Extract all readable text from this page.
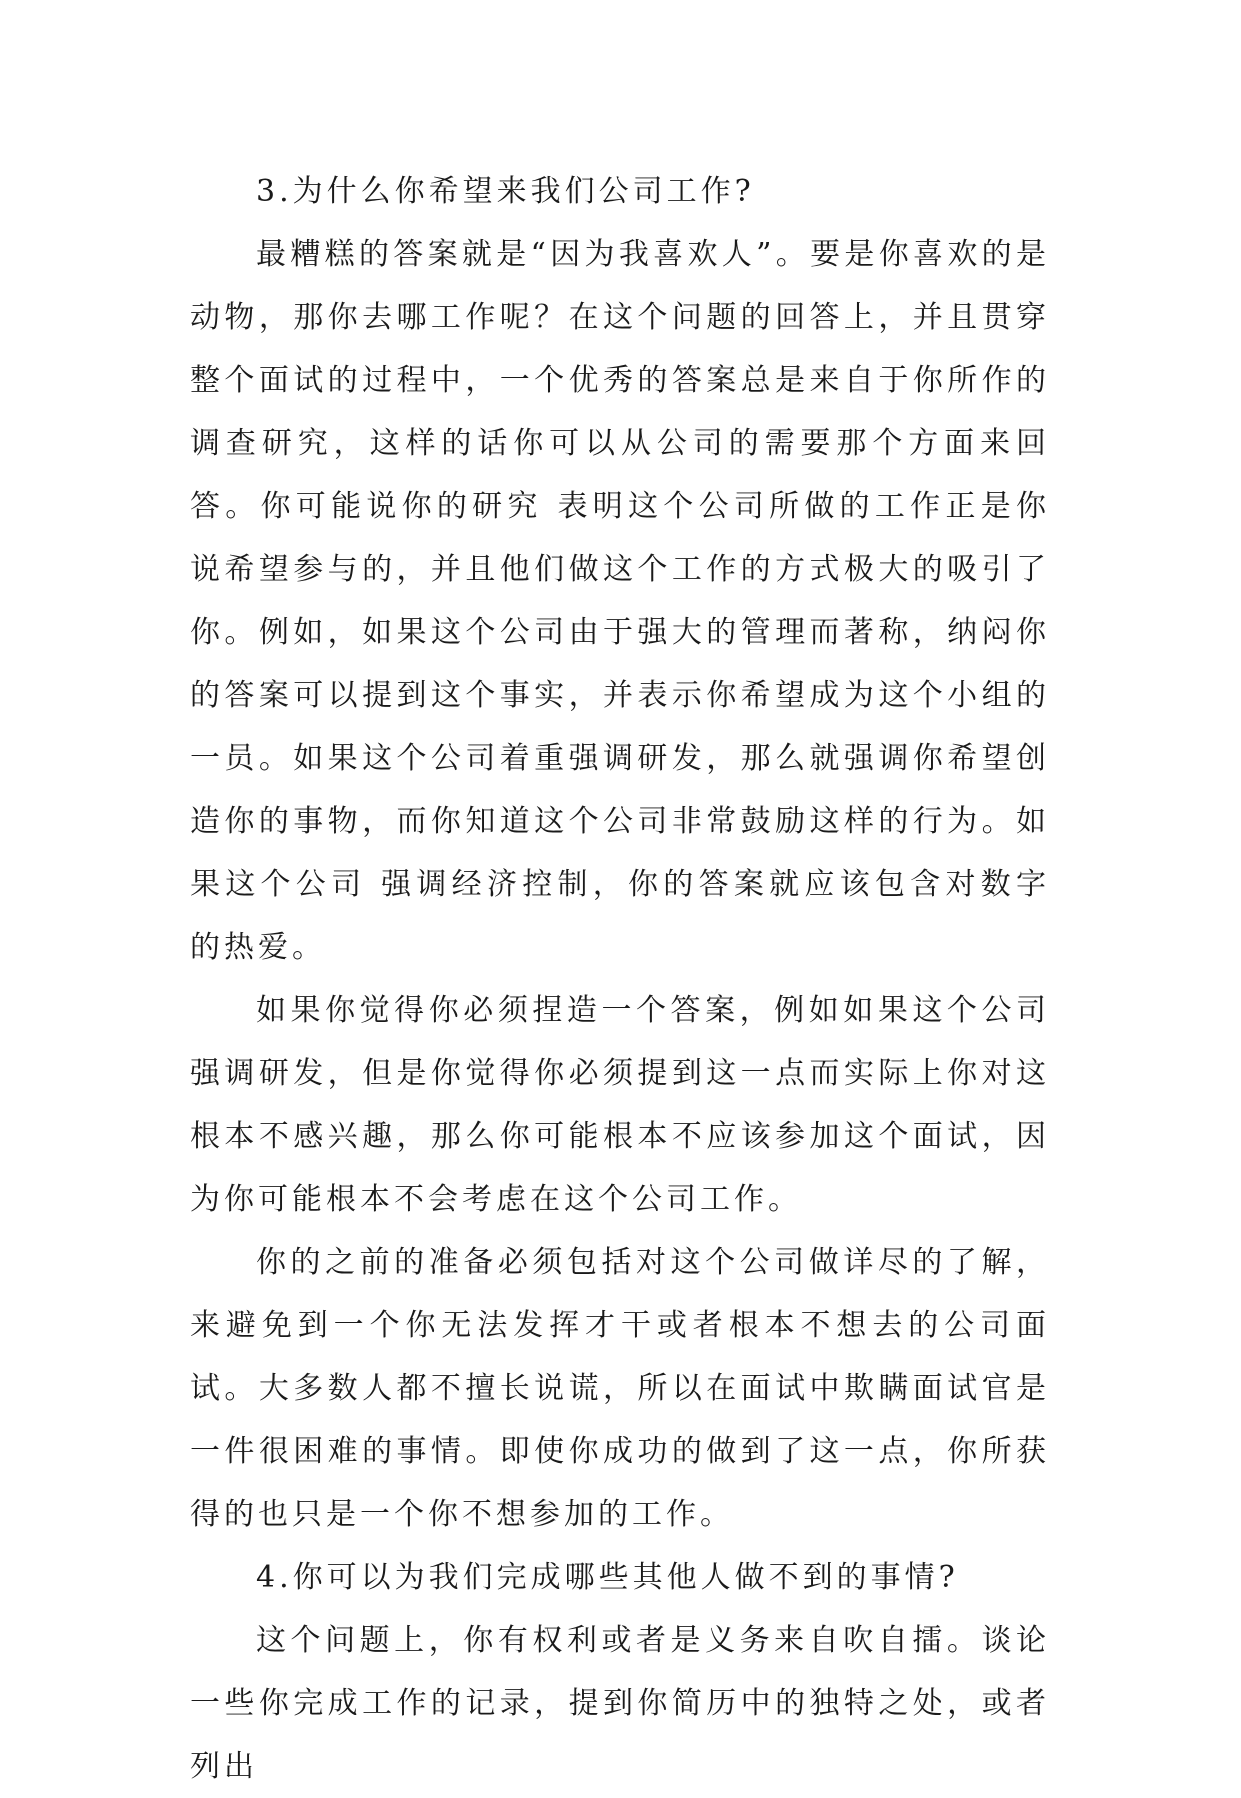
3.为什么你希望来我们公司工作?

最糟糕的答案就是“因为我喜欢人”。要是你喜欢的是动物，那你去哪工作呢？在这个问题的回答上，并且贯穿整个面试的过程中，一个优秀的答案总是来自于你所作的调查研究，这样的话你可以从公司的需要那个方面来回答。你可能说你的研究 表明这个公司所做的工作正是你说希望参与的，并且他们做这个工作的方式极大的吸引了你。例如，如果这个公司由于强大的管理而著称，纳闷你的答案可以提到这个事实，并表示你希望成为这个小组的一员。如果这个公司着重强调研发，那么就强调你希望创造你的事物，而你知道这个公司非常鼓励这样的行为。如果这个公司 强调经济控制，你的答案就应该包含对数字的热爱。

如果你觉得你必须捏造一个答案，例如如果这个公司强调研发，但是你觉得你必须提到这一点而实际上你对这根本不感兴趣，那么你可能根本不应该参加这个面试，因为你可能根本不会考虑在这个公司工作。

你的之前的准备必须包括对这个公司做详尽的了解，来避免到一个你无法发挥才干或者根本不想去的公司面试。大多数人都不擅长说谎，所以在面试中欺瞒面试官是一件很困难的事情。即使你成功的做到了这一点，你所获得的也只是一个你不想参加的工作。

4.你可以为我们完成哪些其他人做不到的事情?

这个问题上，你有权利或者是义务来自吹自擂。谈论一些你完成工作的记录，提到你简历中的独特之处，或者列出
